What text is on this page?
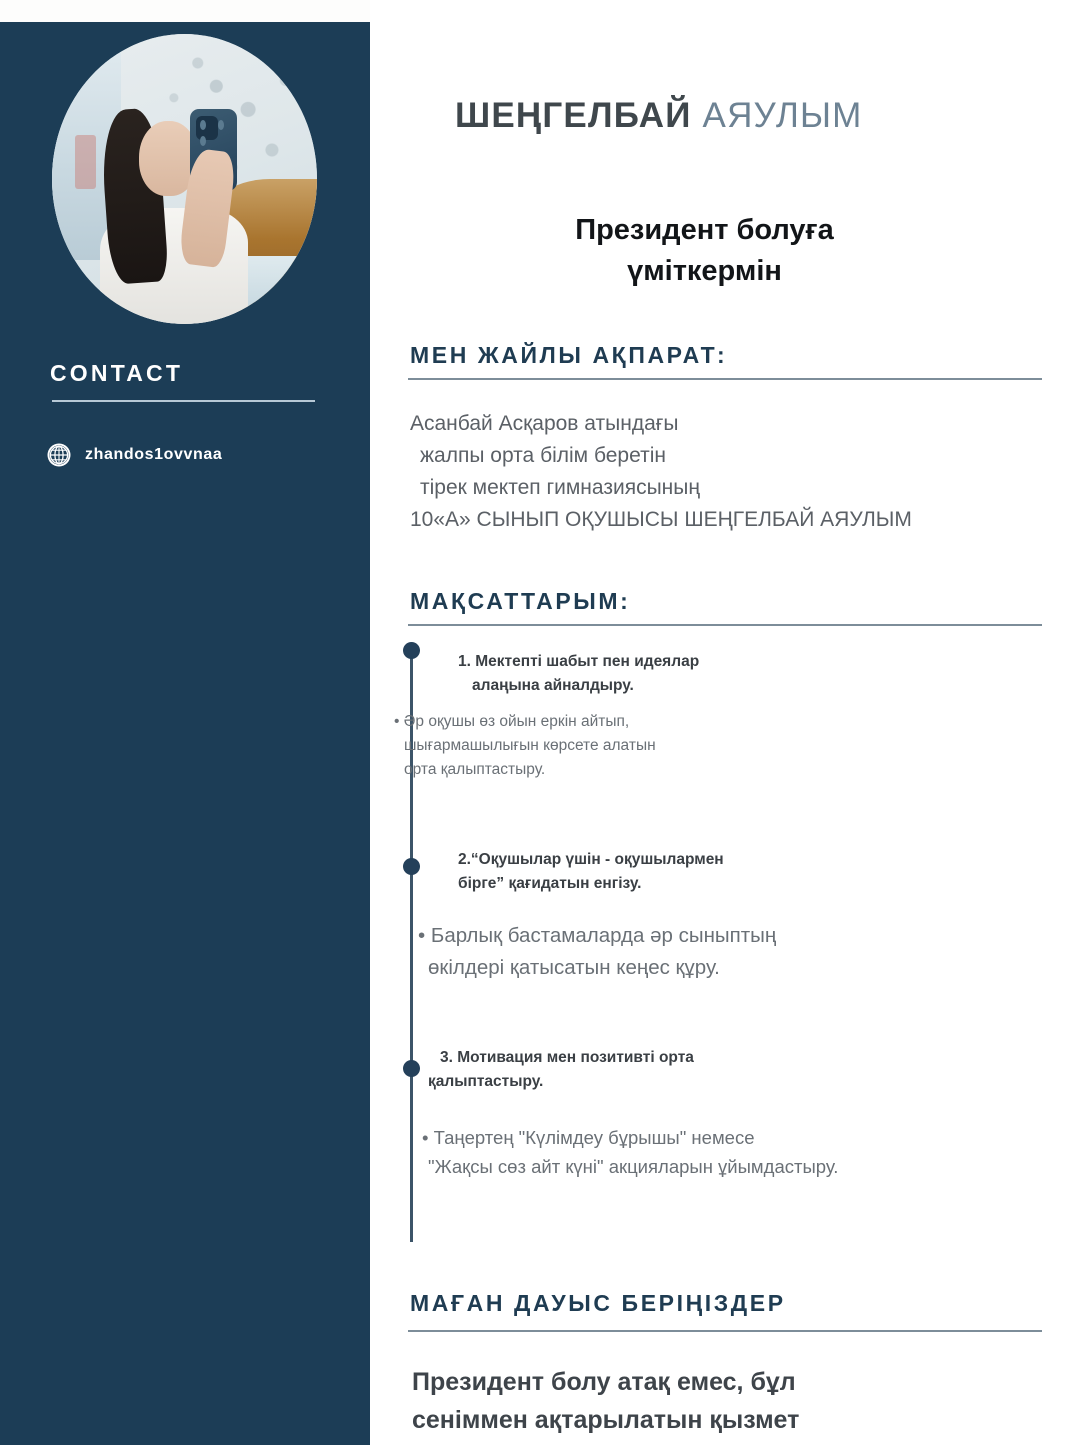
CONTACT
zhandos1ovvnaa
ШЕҢГЕЛБАЙ АЯУЛЫМ
Президент болуға
үміткермін
МЕН ЖАЙЛЫ АҚПАРАТ:
Асанбай Асқаров атындағы
жалпы орта білім беретін
тірек мектеп гимназиясының
10«А» СЫНЫП ОҚУШЫСЫ ШЕҢГЕЛБАЙ АЯУЛЫМ
МАҚСАТТАРЫМ:
1. Мектепті шабыт пен идеялар
алаңына айналдыру.
• Әр оқушы өз ойын еркін айтып,
шығармашылығын көрсете алатын
орта қалыптастыру.
2.“Оқушылар үшін - оқушылармен
бірге” қағидатын енгізу.
• Барлық бастамаларда әр сыныптың
өкілдері қатысатын кеңес құру.
3. Мотивация мен позитивті орта
қалыптастыру.
• Таңертең "Күлімдеу бұрышы" немесе
"Жақсы сөз айт күні" акцияларын ұйымдастыру.
МАҒАН ДАУЫС БЕРІҢІЗДЕР
Президент болу атақ емес, бұл
сеніммен ақтарылатын қызмет
